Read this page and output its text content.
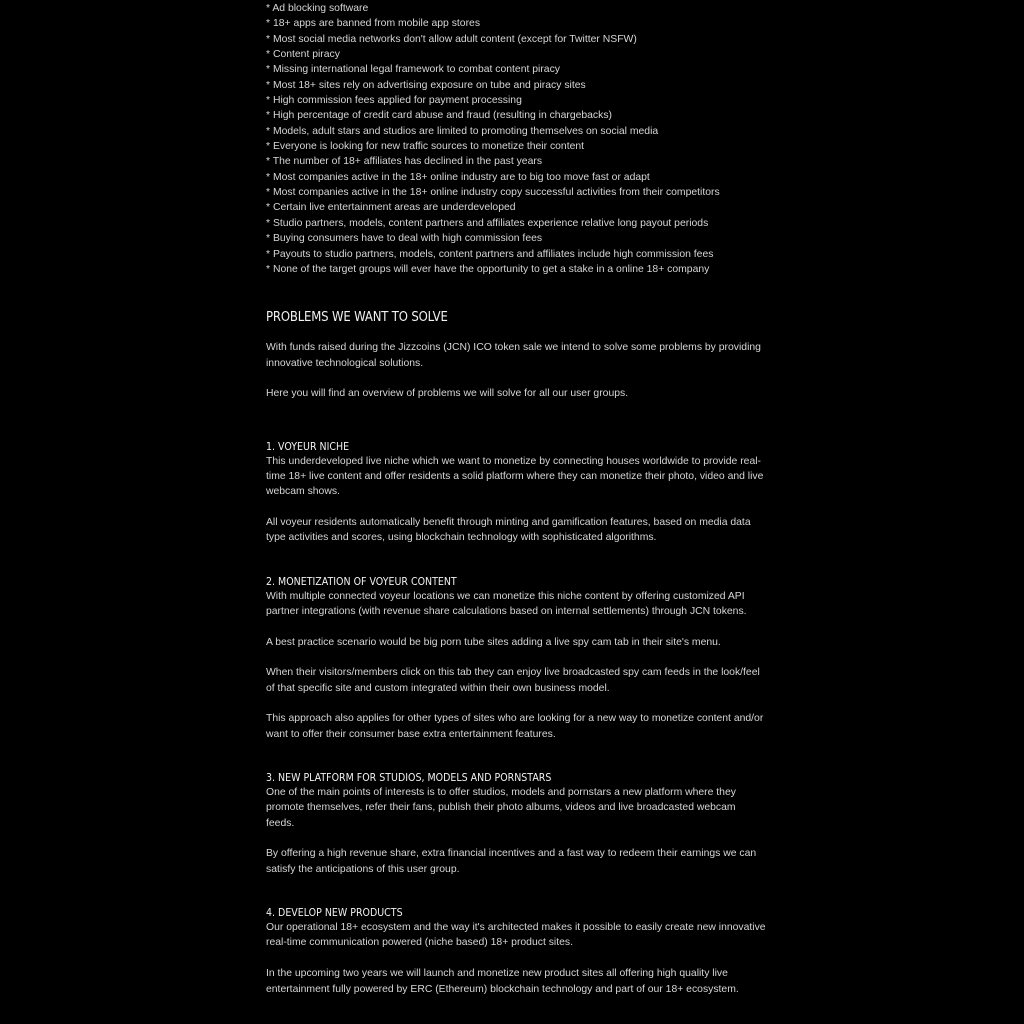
* Ad blocking software
* 18+ apps are banned from mobile app stores
* Most social media networks don't allow adult content (except for Twitter NSFW)
* Content piracy
* Missing international legal framework to combat content piracy
* Most 18+ sites rely on advertising exposure on tube and piracy sites
* High commission fees applied for payment processing
* High percentage of credit card abuse and fraud (resulting in chargebacks)
* Models, adult stars and studios are limited to promoting themselves on social media
* Everyone is looking for new traffic sources to monetize their content
* The number of 18+ affiliates has declined in the past years
* Most companies active in the 18+ online industry are to big too move fast or adapt
* Most companies active in the 18+ online industry copy successful activities from their competitors
* Certain live entertainment areas are underdeveloped
* Studio partners, models, content partners and affiliates experience relative long payout periods
* Buying consumers have to deal with high commission fees
* Payouts to studio partners, models, content partners and affiliates include high commission fees
* None of the target groups will ever have the opportunity to get a stake in a online 18+ company
PROBLEMS WE WANT TO SOLVE

With funds raised during the Jizzcoins (JCN) ICO token sale we intend to solve some problems by providing innovative technological solutions.

Here you will find an overview of problems we will solve for all our user groups.

1. VOYEUR NICHE

This underdeveloped live niche which we want to monetize by connecting houses worldwide to provide real-time 18+ live content and offer residents a solid platform where they can monetize their photo, video and live webcam shows.

All voyeur residents automatically benefit through minting and gamification features, based on media data type activities and scores, using blockchain technology with sophisticated algorithms.

2. MONETIZATION OF VOYEUR CONTENT

With multiple connected voyeur locations we can monetize this niche content by offering customized API partner integrations (with revenue share calculations based on internal settlements) through JCN tokens.

A best practice scenario would be big porn tube sites adding a live spy cam tab in their site's menu.

When their visitors/members click on this tab they can enjoy live broadcasted spy cam feeds in the look/feel of that specific site and custom integrated within their own business model.

This approach also applies for other types of sites who are looking for a new way to monetize content and/or want to offer their consumer base extra entertainment features.

3. NEW PLATFORM FOR STUDIOS, MODELS AND PORNSTARS

One of the main points of interests is to offer studios, models and pornstars a new platform where they promote themselves, refer their fans, publish their photo albums, videos and live broadcasted webcam feeds.

By offering a high revenue share, extra financial incentives and a fast way to redeem their earnings we can satisfy the anticipations of this user group.

4. DEVELOP NEW PRODUCTS

Our operational 18+ ecosystem and the way it's architected makes it possible to easily create new innovative real-time communication powered (niche based) 18+ product sites.

In the upcoming two years we will launch and monetize new product sites all offering high quality live entertainment fully powered by ERC (Ethereum) blockchain technology and part of our 18+ ecosystem.
